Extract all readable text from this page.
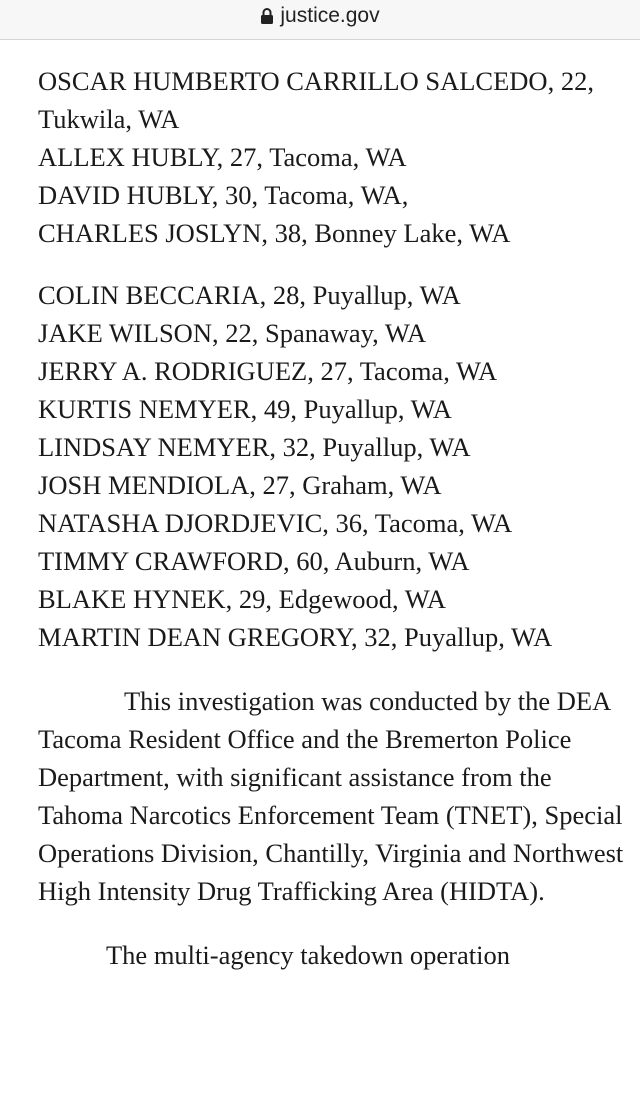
justice.gov

OSCAR HUMBERTO CARRILLO SALCEDO, 22, Tukwila, WA

ALLEX HUBLY, 27, Tacoma, WA

DAVID HUBLY, 30, Tacoma, WA,

CHARLES JOSLYN, 38, Bonney Lake, WA

COLIN BECCARIA, 28, Puyallup, WA

JAKE WILSON, 22, Spanaway, WA

JERRY A. RODRIGUEZ, 27, Tacoma, WA

KURTIS NEMYER, 49, Puyallup, WA

LINDSAY NEMYER, 32, Puyallup, WA

JOSH MENDIOLA, 27, Graham, WA

NATASHA DJORDJEVIC, 36, Tacoma, WA

TIMMY CRAWFORD, 60, Auburn, WA

BLAKE HYNEK, 29, Edgewood, WA

MARTIN DEAN GREGORY, 32, Puyallup, WA

This investigation was conducted by the DEA Tacoma Resident Office and the Bremerton Police Department, with significant assistance from the Tahoma Narcotics Enforcement Team (TNET), Special Operations Division, Chantilly, Virginia and Northwest High Intensity Drug Trafficking Area (HIDTA).

The multi-agency takedown operation
